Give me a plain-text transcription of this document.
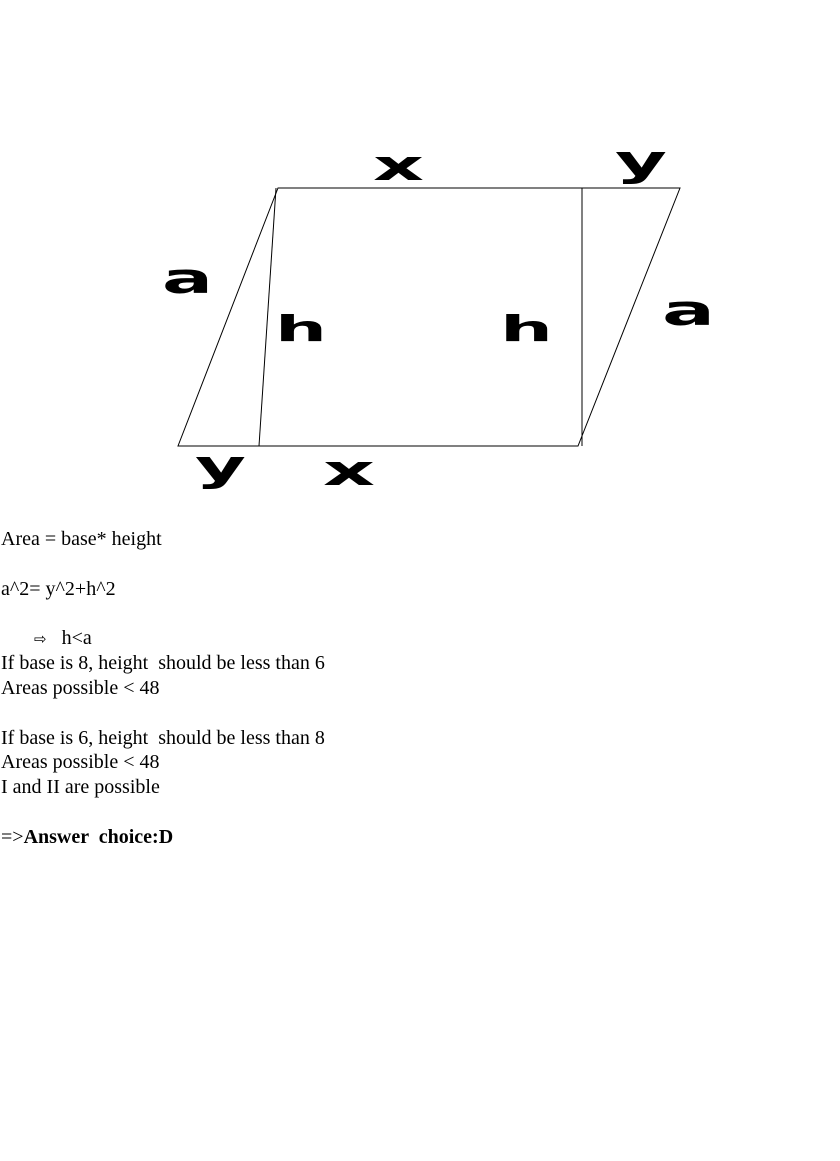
x	y
a
a
h	h
y x
Area = base* height
a^2= y^2+h^2
⇨ h<a
If base is 8, height  should be less than 6
Areas possible < 48
If base is 6, height  should be less than 8
Areas possible < 48
I and II are possible
=>Answer  choice:D
